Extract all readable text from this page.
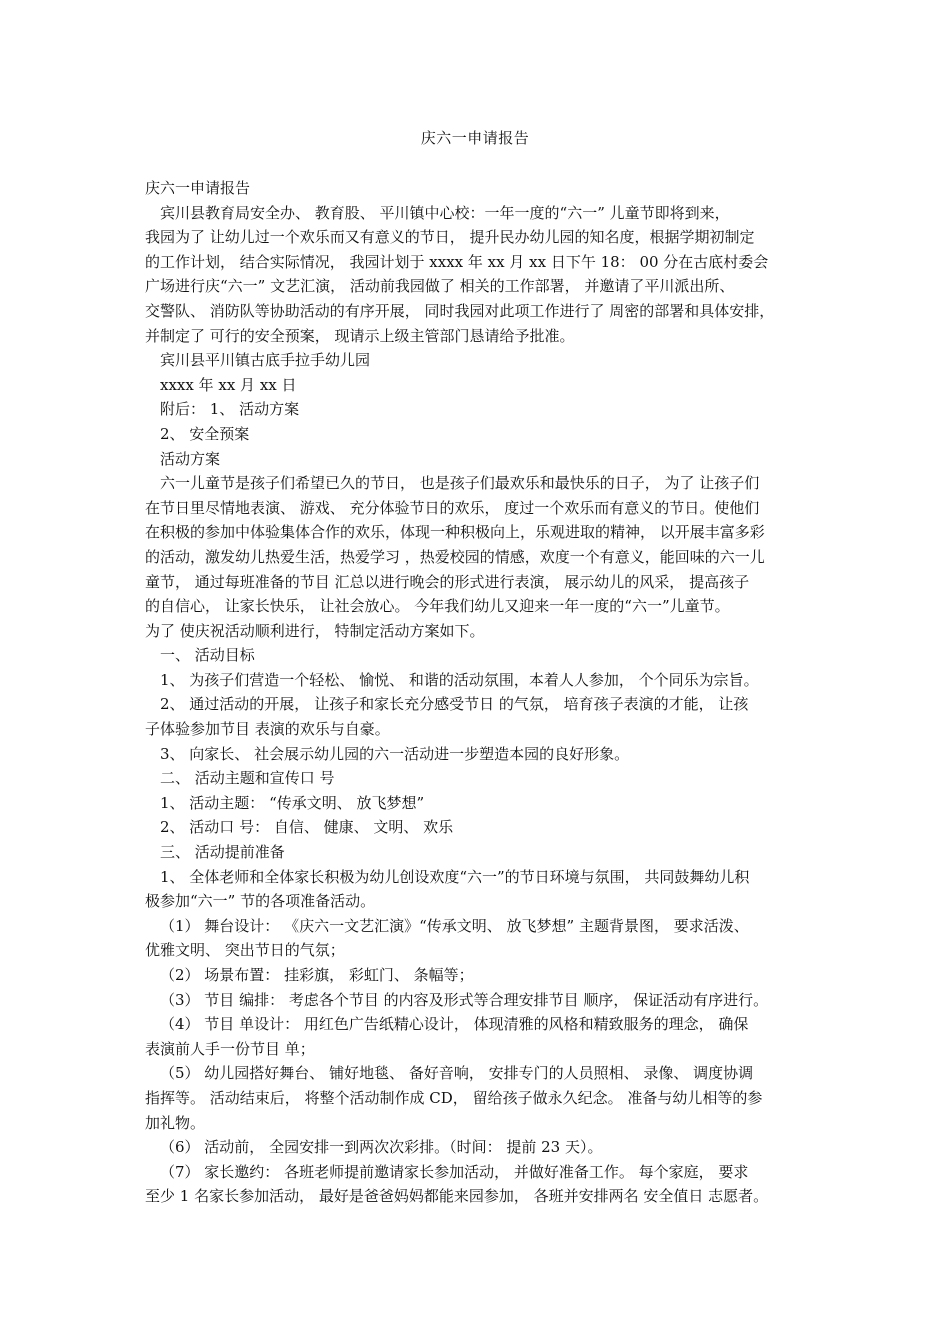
庆六一申请报告
庆六一申请报告
宾川县教育局安全办、 教育股、 平川镇中心校：一年一度的“六一” 儿童节即将到来，
我园为了 让幼儿过一个欢乐而又有意义的节日， 提升民办幼儿园的知名度，根据学期初制定
的工作计划， 结合实际情况， 我园计划于 xxxx 年 xx 月 xx 日下午 18： 00 分在古底村委会
广场进行庆“六一” 文艺汇演， 活动前我园做了 相关的工作部署， 并邀请了平川派出所、
交警队、 消防队等协助活动的有序开展， 同时我园对此项工作进行了 周密的部署和具体安排，
并制定了 可行的安全预案， 现请示上级主管部门恳请给予批准。
宾川县平川镇古底手拉手幼儿园
xxxx 年 xx 月 xx 日
附后： 1、 活动方案
2、 安全预案
活动方案
六一儿童节是孩子们希望已久的节日， 也是孩子们最欢乐和最快乐的日子， 为了 让孩子们
在节日里尽情地表演、 游戏、 充分体验节日的欢乐， 度过一个欢乐而有意义的节日。使他们
在积极的参加中体验集体合作的欢乐，体现一种积极向上，乐观进取的精神， 以开展丰富多彩
的活动，激发幼儿热爱生活，热爱学习 ，热爱校园的情感，欢度一个有意义，能回味的六一儿
童节， 通过每班准备的节目 汇总以进行晚会的形式进行表演， 展示幼儿的风采， 提高孩子
的自信心， 让家长快乐， 让社会放心。 今年我们幼儿又迎来一年一度的“六一”儿童节。
为了 使庆祝活动顺利进行， 特制定活动方案如下。
一、 活动目标
1、 为孩子们营造一个轻松、 愉悦、 和谐的活动氛围，本着人人参加， 个个同乐为宗旨。
2、 通过活动的开展， 让孩子和家长充分感受节日 的气氛， 培育孩子表演的才能， 让孩
子体验参加节目 表演的欢乐与自豪。
3、 向家长、 社会展示幼儿园的六一活动进一步塑造本园的良好形象。
二、 活动主题和宣传口 号
1、 活动主题： “传承文明、 放飞梦想”
2、 活动口 号： 自信、 健康、 文明、 欢乐
三、 活动提前准备
1、 全体老师和全体家长积极为幼儿创设欢度“六一”的节日环境与氛围， 共同鼓舞幼儿积
极参加“六一” 节的各项准备活动。
（1） 舞台设计： 《庆六一文艺汇演》“传承文明、 放飞梦想” 主题背景图， 要求活泼、
优雅文明、 突出节日的气氛；
（2） 场景布置： 挂彩旗， 彩虹门、 条幅等；
（3） 节目 编排： 考虑各个节目 的内容及形式等合理安排节目 顺序， 保证活动有序进行。
（4） 节目 单设计： 用红色广告纸精心设计， 体现清雅的风格和精致服务的理念， 确保
表演前人手一份节目 单；
（5） 幼儿园搭好舞台、 铺好地毯、 备好音响， 安排专门的人员照相、 录像、 调度协调
指挥等。 活动结束后， 将整个活动制作成 CD， 留给孩子做永久纪念。 准备与幼儿相等的参
加礼物。
（6） 活动前， 全园安排一到两次次彩排。（时间： 提前 23 天）。
（7） 家长邀约： 各班老师提前邀请家长参加活动， 并做好准备工作。 每个家庭， 要求
至少 1 名家长参加活动， 最好是爸爸妈妈都能来园参加， 各班并安排两名 安全值日 志愿者。
